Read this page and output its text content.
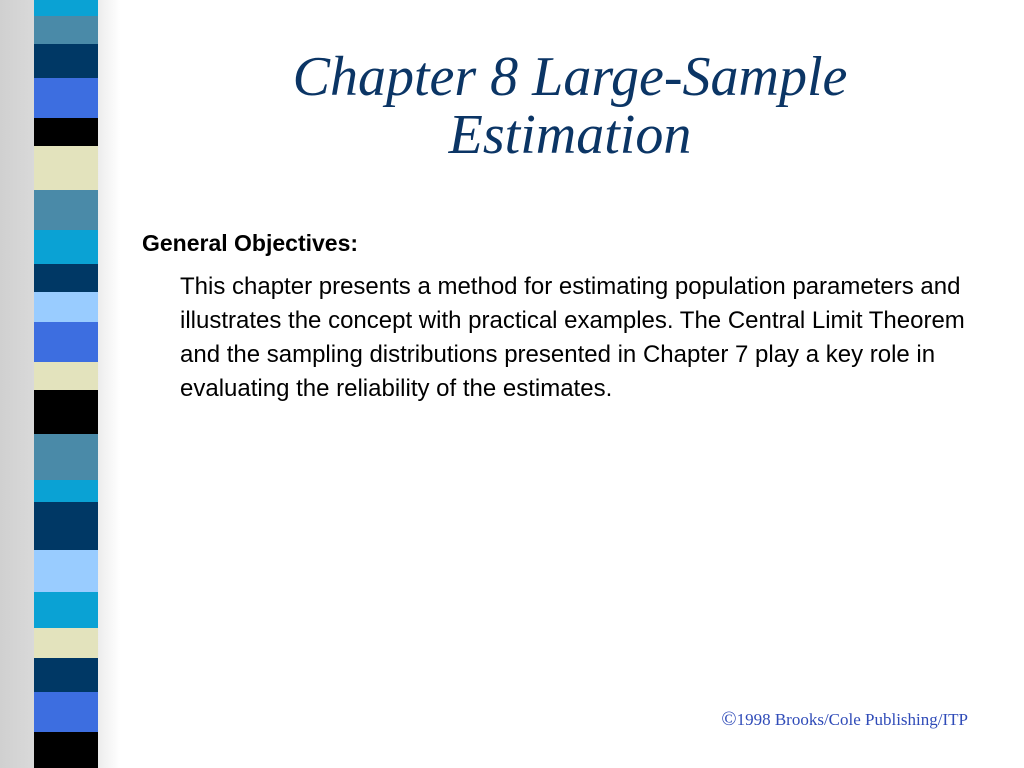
Chapter 8 Large-Sample
Estimation

General Objectives:

This chapter presents a method for estimating population parameters and illustrates the concept with practical examples. The Central Limit Theorem and the sampling distributions presented in Chapter 7 play a key role in evaluating the reliability of the estimates.

©1998 Brooks/Cole Publishing/ITP
